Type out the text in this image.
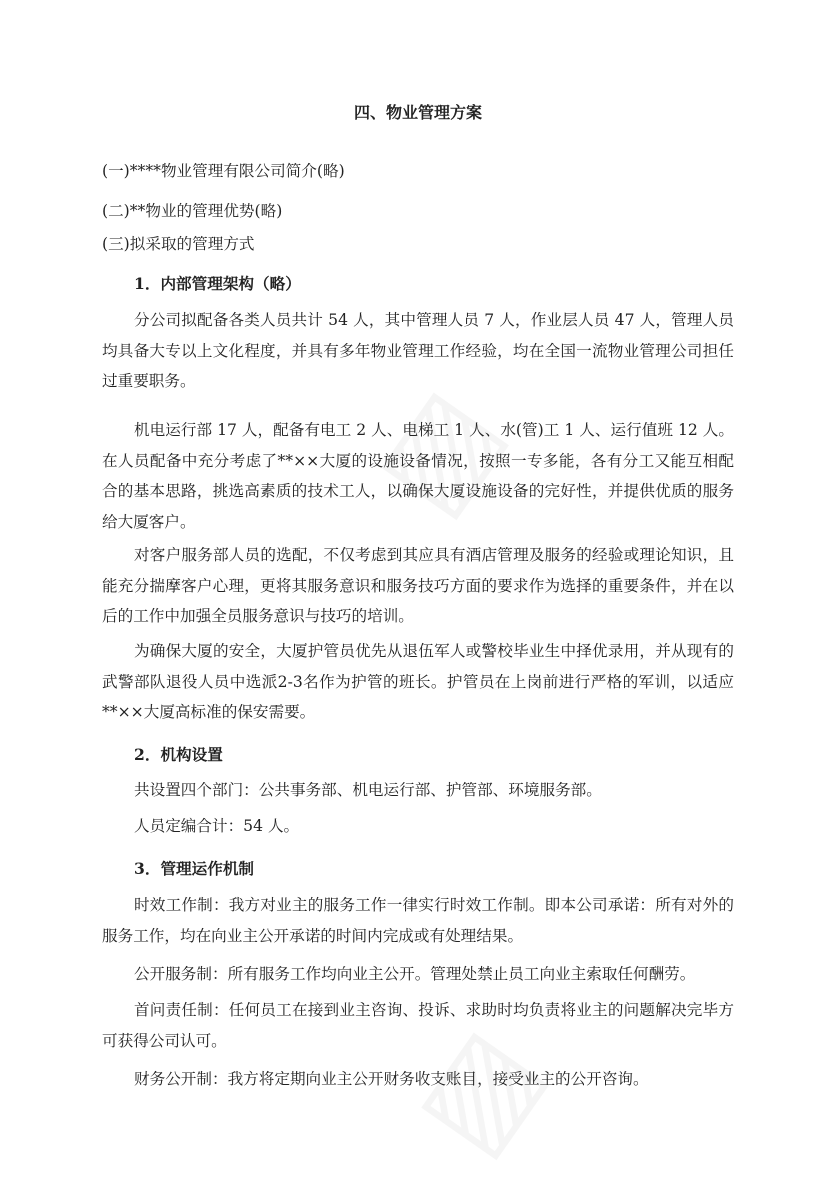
四、物业管理方案
(一)****物业管理有限公司简介(略)
(二)**物业的管理优势(略)
(三)拟采取的管理方式
1．内部管理架构（略）
分公司拟配备各类人员共计 54 人，其中管理人员 7 人，作业层人员 47 人，管理人员均具备大专以上文化程度，并具有多年物业管理工作经验，均在全国一流物业管理公司担任过重要职务。
机电运行部 17 人，配备有电工 2 人、电梯工 1 人、水(管)工 1 人、运行值班 12 人。在人员配备中充分考虑了**××大厦的设施设备情况，按照一专多能，各有分工又能互相配合的基本思路，挑选高素质的技术工人，以确保大厦设施设备的完好性，并提供优质的服务给大厦客户。
对客户服务部人员的选配，不仅考虑到其应具有酒店管理及服务的经验或理论知识，且能充分揣摩客户心理，更将其服务意识和服务技巧方面的要求作为选择的重要条件，并在以后的工作中加强全员服务意识与技巧的培训。
为确保大厦的安全，大厦护管员优先从退伍军人或警校毕业生中择优录用，并从现有的武警部队退役人员中选派2-3名作为护管的班长。护管员在上岗前进行严格的军训，以适应**××大厦高标准的保安需要。
2．机构设置
共设置四个部门：公共事务部、机电运行部、护管部、环境服务部。
人员定编合计：54 人。
3．管理运作机制
时效工作制：我方对业主的服务工作一律实行时效工作制。即本公司承诺：所有对外的服务工作，均在向业主公开承诺的时间内完成或有处理结果。
公开服务制：所有服务工作均向业主公开。管理处禁止员工向业主索取任何酬劳。
首问责任制：任何员工在接到业主咨询、投诉、求助时均负责将业主的问题解决完毕方可获得公司认可。
财务公开制：我方将定期向业主公开财务收支账目，接受业主的公开咨询。
